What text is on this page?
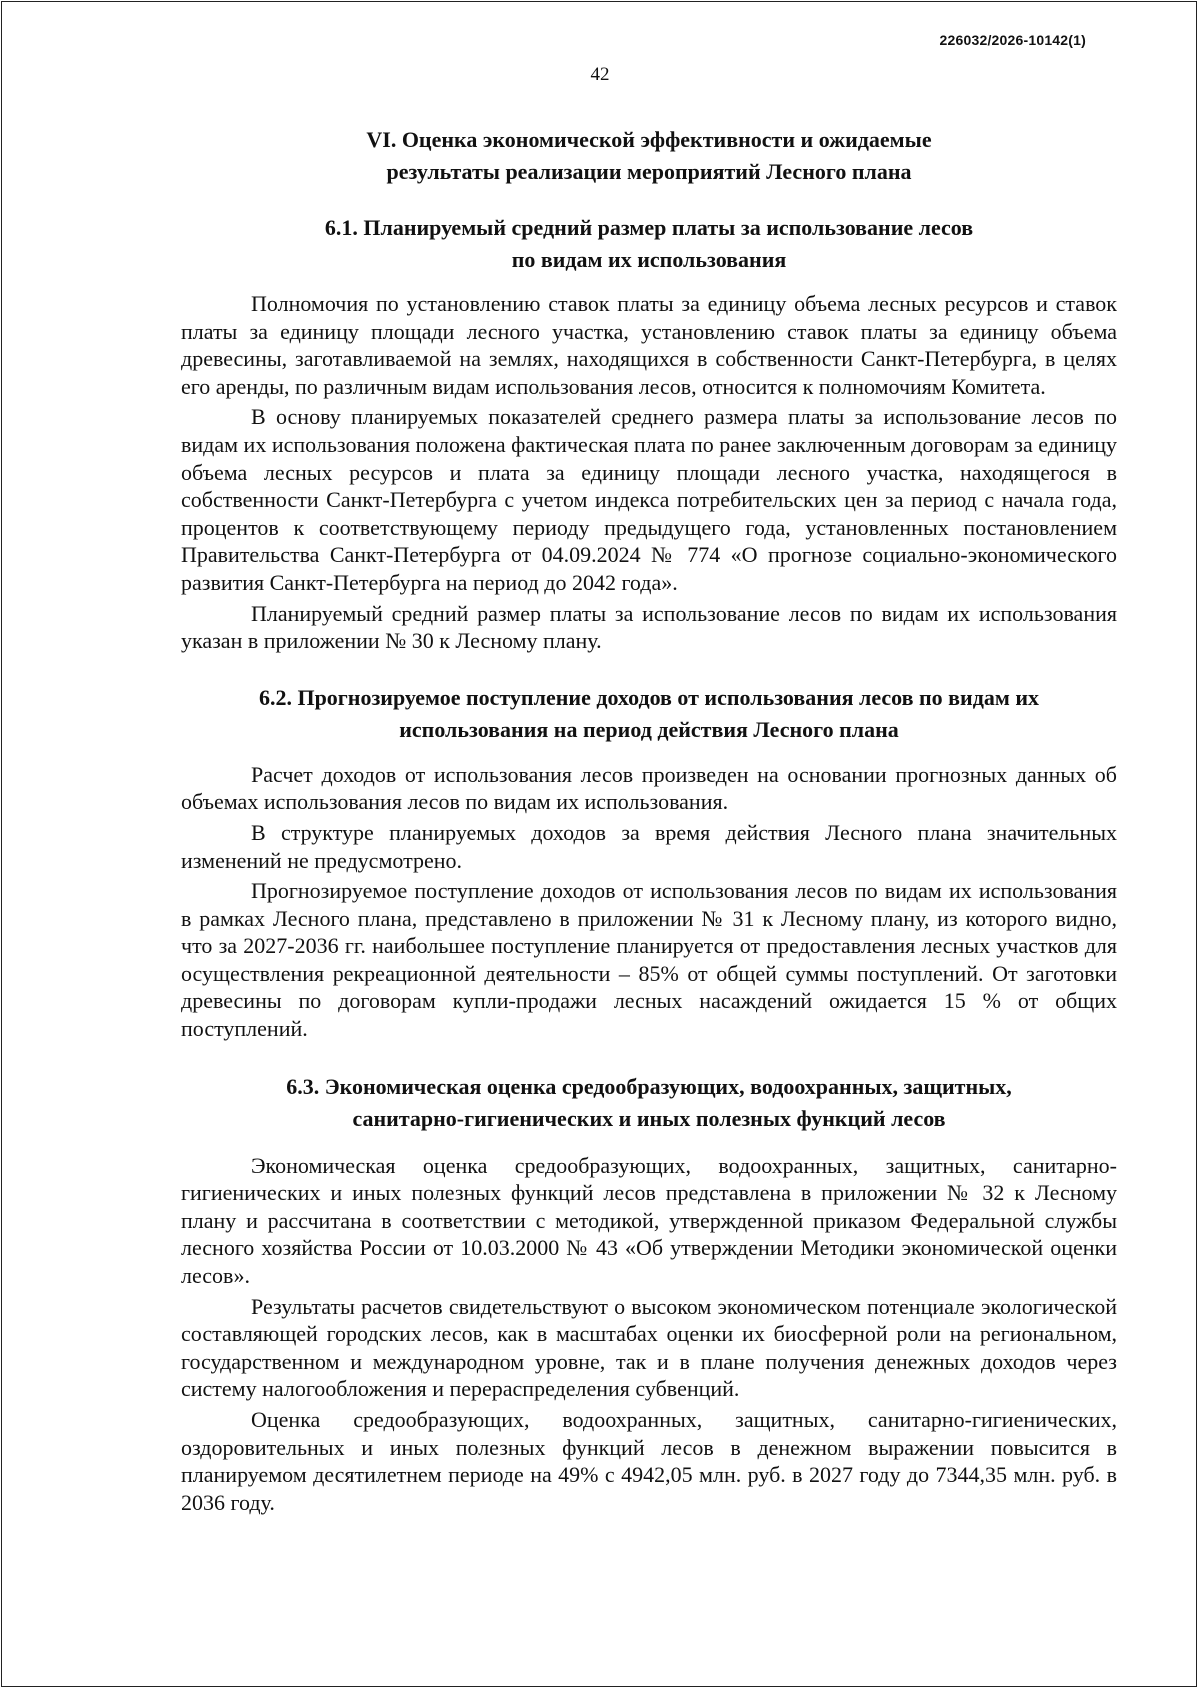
226032/2026-10142(1)
42
VI. Оценка экономической эффективности и ожидаемые
результаты реализации мероприятий Лесного плана
6.1. Планируемый средний размер платы за использование лесов
по видам их использования

Полномочия по установлению ставок платы за единицу объема лесных ресурсов и ставок платы за единицу площади лесного участка, установлению ставок платы за единицу объема древесины, заготавливаемой на землях, находящихся в собственности Санкт-Петербурга, в целях его аренды, по различным видам использования лесов, относится к полномочиям Комитета.

В основу планируемых показателей среднего размера платы за использование лесов по видам их использования положена фактическая плата по ранее заключенным договорам за единицу объема лесных ресурсов и плата за единицу площади лесного участка, находящегося в собственности Санкт-Петербурга с учетом индекса потребительских цен за период с начала года, процентов к соответствующему периоду предыдущего года, установленных постановлением Правительства Санкт-Петербурга от 04.09.2024 № 774 «О прогнозе социально-экономического развития Санкт-Петербурга на период до 2042 года».

Планируемый средний размер платы за использование лесов по видам их использования указан в приложении № 30 к Лесному плану.

6.2. Прогнозируемое поступление доходов от использования лесов по видам их
использования на период действия Лесного плана

Расчет доходов от использования лесов произведен на основании прогнозных данных об объемах использования лесов по видам их использования.

В структуре планируемых доходов за время действия Лесного плана значительных изменений не предусмотрено.

Прогнозируемое поступление доходов от использования лесов по видам их использования в рамках Лесного плана, представлено в приложении № 31 к Лесному плану, из которого видно, что за 2027-2036 гг. наибольшее поступление планируется от предоставления лесных участков для осуществления рекреационной деятельности – 85% от общей суммы поступлений. От заготовки древесины по договорам купли-продажи лесных насаждений ожидается 15 % от общих поступлений.

6.3. Экономическая оценка средообразующих, водоохранных, защитных,
санитарно-гигиенических и иных полезных функций лесов

Экономическая оценка средообразующих, водоохранных, защитных, санитарно-гигиенических и иных полезных функций лесов представлена в приложении № 32 к Лесному плану и рассчитана в соответствии с методикой, утвержденной приказом Федеральной службы лесного хозяйства России от 10.03.2000 № 43 «Об утверждении Методики экономической оценки лесов».

Результаты расчетов свидетельствуют о высоком экономическом потенциале экологической составляющей городских лесов, как в масштабах оценки их биосферной роли на региональном, государственном и международном уровне, так и в плане получения денежных доходов через систему налогообложения и перераспределения субвенций.

Оценка средообразующих, водоохранных, защитных, санитарно-гигиенических, оздоровительных и иных полезных функций лесов в денежном выражении повысится в планируемом десятилетнем периоде на 49% с 4942,05 млн. руб. в 2027 году до 7344,35 млн. руб. в 2036 году.
